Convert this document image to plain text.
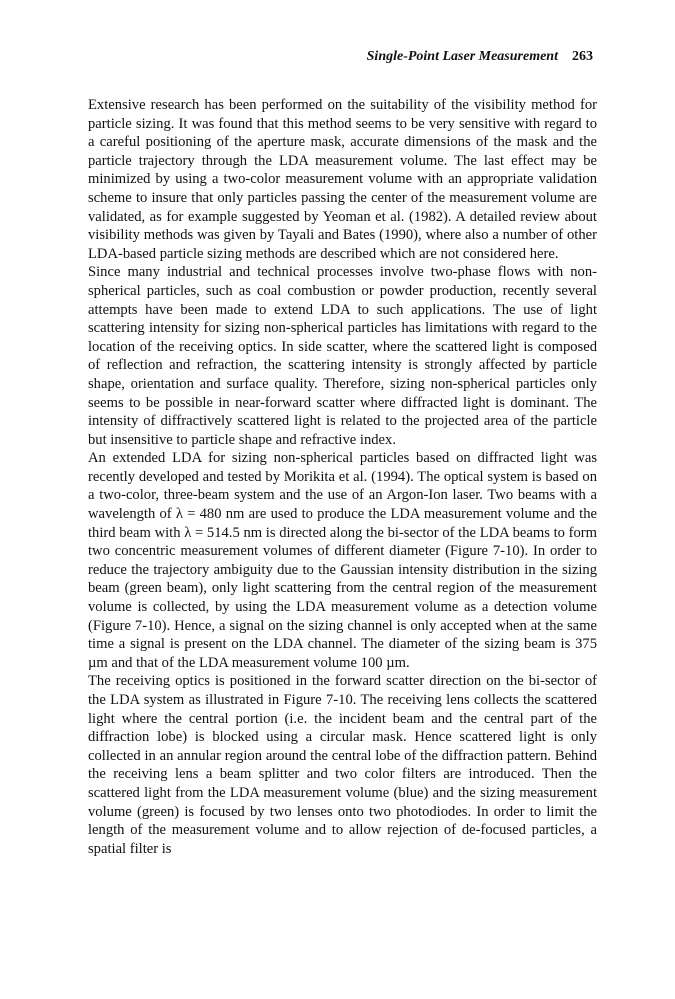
Single-Point Laser Measurement 263

Extensive research has been performed on the suitability of the visibility method for particle sizing. It was found that this method seems to be very sensitive with regard to a careful positioning of the aperture mask, accurate dimensions of the mask and the particle trajectory through the LDA measurement volume. The last effect may be minimized by using a two-color measurement volume with an appropriate validation scheme to insure that only particles passing the center of the measurement volume are validated, as for example suggested by Yeoman et al. (1982). A detailed review about visibility methods was given by Tayali and Bates (1990), where also a number of other LDA-based particle sizing methods are described which are not considered here.

Since many industrial and technical processes involve two-phase flows with non-spherical particles, such as coal combustion or powder production, recently several attempts have been made to extend LDA to such applications. The use of light scattering intensity for sizing non-spherical particles has limitations with regard to the location of the receiving optics. In side scatter, where the scattered light is composed of reflection and refraction, the scattering intensity is strongly affected by particle shape, orientation and surface quality. Therefore, sizing non-spherical particles only seems to be possible in near-forward scatter where diffracted light is dominant. The intensity of diffractively scattered light is related to the projected area of the particle but insensitive to particle shape and refractive index.

An extended LDA for sizing non-spherical particles based on diffracted light was recently developed and tested by Morikita et al. (1994). The optical system is based on a two-color, three-beam system and the use of an Argon-Ion laser. Two beams with a wavelength of λ = 480 nm are used to produce the LDA measurement volume and the third beam with λ = 514.5 nm is directed along the bi-sector of the LDA beams to form two concentric measurement volumes of different diameter (Figure 7-10). In order to reduce the trajectory ambiguity due to the Gaussian intensity distribution in the sizing beam (green beam), only light scattering from the central region of the measurement volume is collected, by using the LDA measurement volume as a detection volume (Figure 7-10). Hence, a signal on the sizing channel is only accepted when at the same time a signal is present on the LDA channel. The diameter of the sizing beam is 375 µm and that of the LDA measurement volume 100 µm.

The receiving optics is positioned in the forward scatter direction on the bi-sector of the LDA system as illustrated in Figure 7-10. The receiving lens collects the scattered light where the central portion (i.e. the incident beam and the central part of the diffraction lobe) is blocked using a circular mask. Hence scattered light is only collected in an annular region around the central lobe of the diffraction pattern. Behind the receiving lens a beam splitter and two color filters are introduced. Then the scattered light from the LDA measurement volume (blue) and the sizing measurement volume (green) is focused by two lenses onto two photodiodes. In order to limit the length of the measurement volume and to allow rejection of de-focused particles, a spatial filter is
